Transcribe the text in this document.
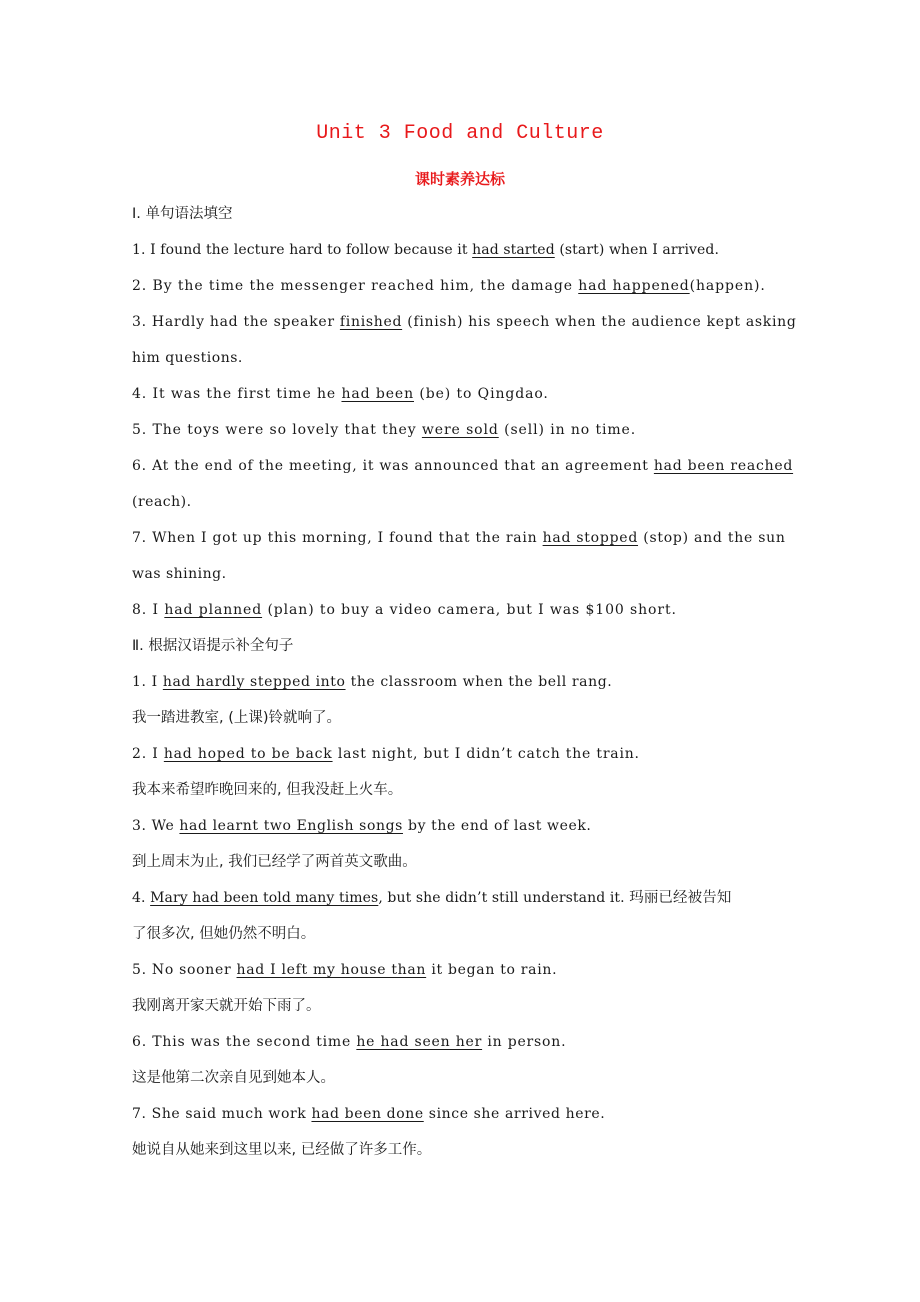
Unit 3 Food and Culture
课时素养达标
Ⅰ. 单句语法填空
1. I found the lecture hard to follow because it had started (start) when I arrived.
2. By the time the messenger reached him, the damage had happened(happen).
3. Hardly had the speaker finished (finish) his speech when the audience kept asking
him questions.
4. It was the first time he had been (be) to Qingdao.
5. The toys were so lovely that they were sold (sell) in no time.
6. At the end of the meeting, it was announced that an agreement had been reached
(reach).
7. When I got up this morning, I found that the rain had stopped (stop) and the sun
was shining.
8. I had planned (plan) to buy a video camera, but I was $100 short.
Ⅱ. 根据汉语提示补全句子
1. I had hardly stepped into the classroom when the bell rang.
我一踏进教室, (上课)铃就响了。
2. I had hoped to be back last night, but I didn’t catch the train.
我本来希望昨晚回来的, 但我没赶上火车。
3. We had learnt two English songs by the end of last week.
到上周末为止, 我们已经学了两首英文歌曲。
4. Mary had been told many times, but she didn’t still understand it. 玛丽已经被告知
了很多次, 但她仍然不明白。
5. No sooner had I left my house than it began to rain.
我刚离开家天就开始下雨了。
6. This was the second time he had seen her in person.
这是他第二次亲自见到她本人。
7. She said much work had been done since she arrived here.
她说自从她来到这里以来, 已经做了许多工作。
